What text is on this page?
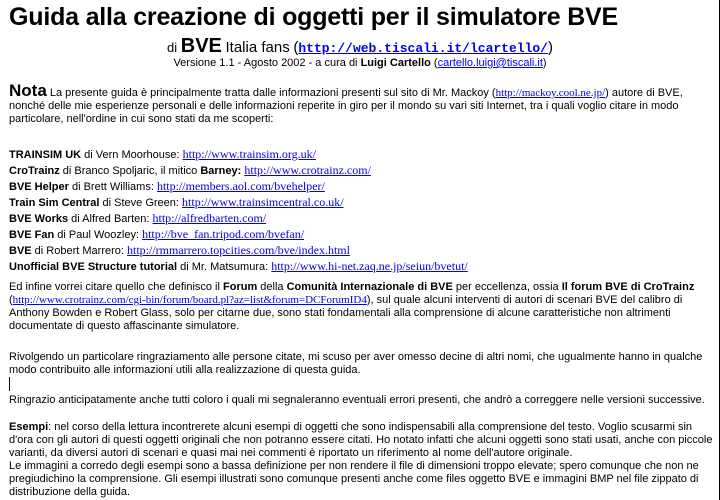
Guida alla creazione di oggetti per il simulatore BVE
di BVE Italia fans (http://web.tiscali.it/lcartello/)
Versione 1.1 - Agosto 2002 - a cura di Luigi Cartello (cartello.luigi@tiscali.it)
Nota La presente guida è principalmente tratta dalle informazioni presenti sul sito di Mr. Mackoy (http://mackoy.cool.ne.jp/) autore di BVE, nonché delle mie esperienze personali e delle informazioni reperite in giro per il mondo su vari siti Internet, tra i quali voglio citare in modo particolare, nell'ordine in cui sono stati da me scoperti:
TRAINSIM UK di Vern Moorhouse: http://www.trainsim.org.uk/
CroTrainz di Branco Spoljaric, il mitico Barney: http://www.crotrainz.com/
BVE Helper di Brett Williams: http://members.aol.com/bvehelper/
Train Sim Central di Steve Green: http://www.trainsimcentral.co.uk/
BVE Works di Alfred Barten: http://alfredbarten.com/
BVE Fan di Paul Woozley: http://bve_fan.tripod.com/bvefan/
BVE di Robert Marrero: http://rmmarrero.topcities.com/bve/index.html
Unofficial BVE Structure tutorial di Mr. Matsumura: http://www.hi-net.zaq.ne.jp/seiun/bvetut/
Ed infine vorrei citare quello che definisco il Forum della Comunità Internazionale di BVE per eccellenza, ossia Il forum BVE di CroTrainz (http://www.crotrainz.com/cgi-bin/forum/board.pl?az=list&forum=DCForumID4), sul quale alcuni interventi di autori di scenari BVE del calibro di Anthony Bowden e Robert Glass, solo per citarne due, sono stati fondamentali alla comprensione di alcune caratteristiche non altrimenti documentate di questo affascinante simulatore.
Rivolgendo un particolare ringraziamento alle persone citate, mi scuso per aver omesso decine di altri nomi, che ugualmente hanno in qualche modo contribuito alle informazioni utili alla realizzazione di questa guida.
Ringrazio anticipatamente anche tutti coloro i quali mi segnaleranno eventuali errori presenti, che andrò a correggere nelle versioni successive.
Esempi: nel corso della lettura incontrerete alcuni esempi di oggetti che sono indispensabili alla comprensione del testo. Voglio scusarmi sin d'ora con gli autori di questi oggetti originali che non potranno essere citati. Ho notato infatti che alcuni oggetti sono stati usati, anche con piccole varianti, da diversi autori di scenari e quasi mai nei commenti è riportato un riferimento al nome dell'autore originale.
Le immagini a corredo degli esempi sono a bassa definizione per non rendere il file di dimensioni troppo elevate; spero comunque che non ne pregiudichino la comprensione. Gli esempi illustrati sono comunque presenti anche come files oggetto BVE e immagini BMP nel file zippato di distribuzione della guida.
